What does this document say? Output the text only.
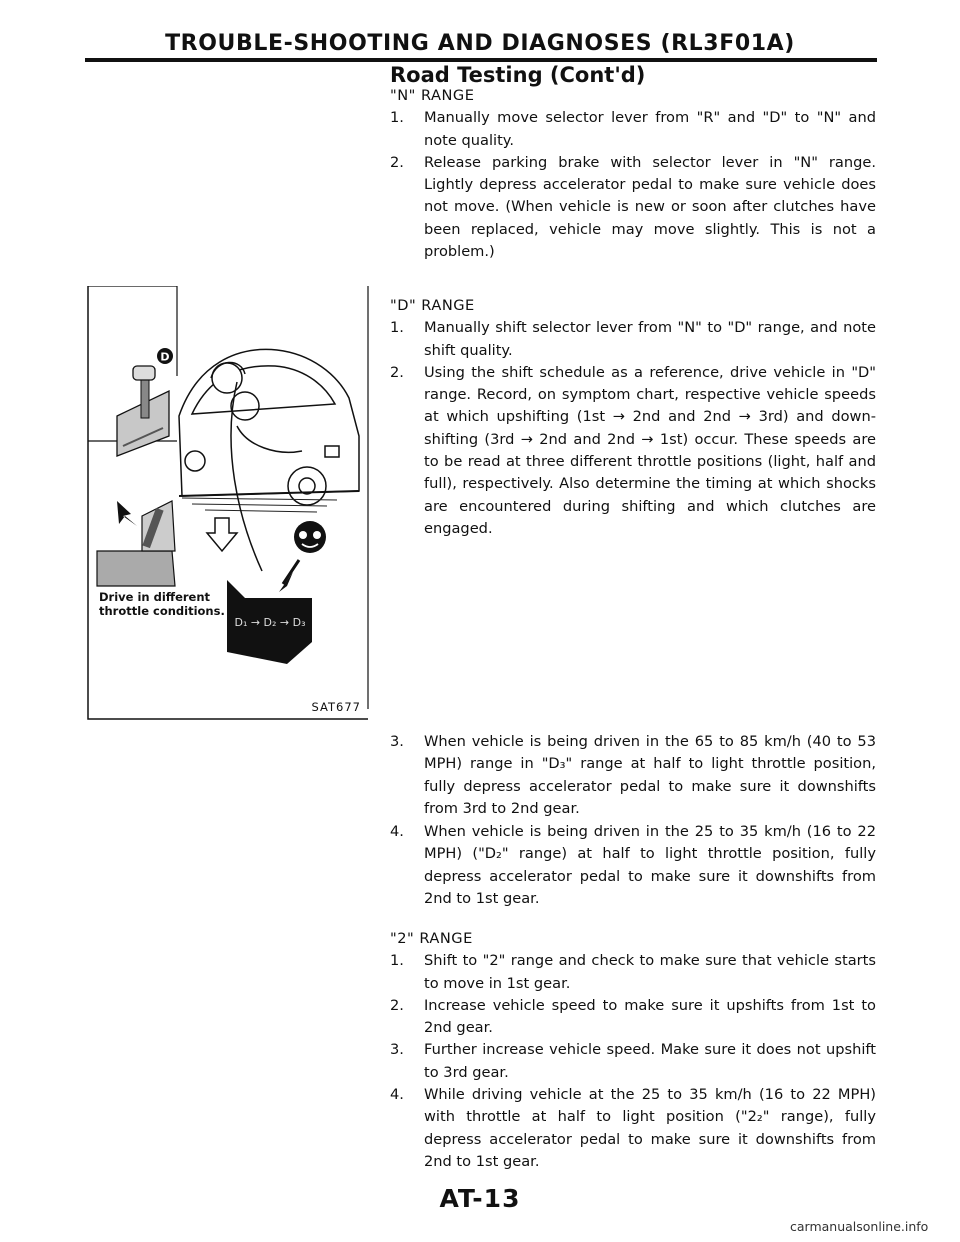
TROUBLE-SHOOTING AND DIAGNOSES (RL3F01A)
Road Testing (Cont'd)

"N" RANGE

1. Manually move selector lever from "R" and "D" to "N" and note quality.

2. Release parking brake with selector lever in "N" range. Lightly depress accelerator pedal to make sure vehicle does not move. (When vehicle is new or soon after clutches have been replaced, vehicle may move slightly. This is not a problem.)

"D" RANGE

1. Manually shift selector lever from "N" to "D" range, and note shift quality.

2. Using the shift schedule as a reference, drive vehicle in "D" range. Record, on symptom chart, respective vehicle speeds at which upshifting (1st → 2nd and 2nd → 3rd) and down-shifting (3rd → 2nd and 2nd → 1st) occur. These speeds are to be read at three different throttle positions (light, half and full), respectively. Also determine the timing at which shocks are encountered during shifting and which clutches are engaged.

3. When vehicle is being driven in the 65 to 85 km/h (40 to 53 MPH) range in "D₃" range at half to light throttle position, fully depress accelerator pedal to make sure it downshifts from 3rd to 2nd gear.

4. When vehicle is being driven in the 25 to 35 km/h (16 to 22 MPH) ("D₂" range) at half to light throttle position, fully depress accelerator pedal to make sure it downshifts from 2nd to 1st gear.

"2" RANGE

1. Shift to "2" range and check to make sure that vehicle starts to move in 1st gear.

2. Increase vehicle speed to make sure it upshifts from 1st to 2nd gear.

3. Further increase vehicle speed. Make sure it does not upshift to 3rd gear.

4. While driving vehicle at the 25 to 35 km/h (16 to 22 MPH) with throttle at half to light position ("2₂" range), fully depress accelerator pedal to make sure it downshifts from 2nd to 1st gear.

D
D₁ → D₂ → D₃
Drive in different
throttle conditions.
SAT677
AT-13
carmanualsonline.info
